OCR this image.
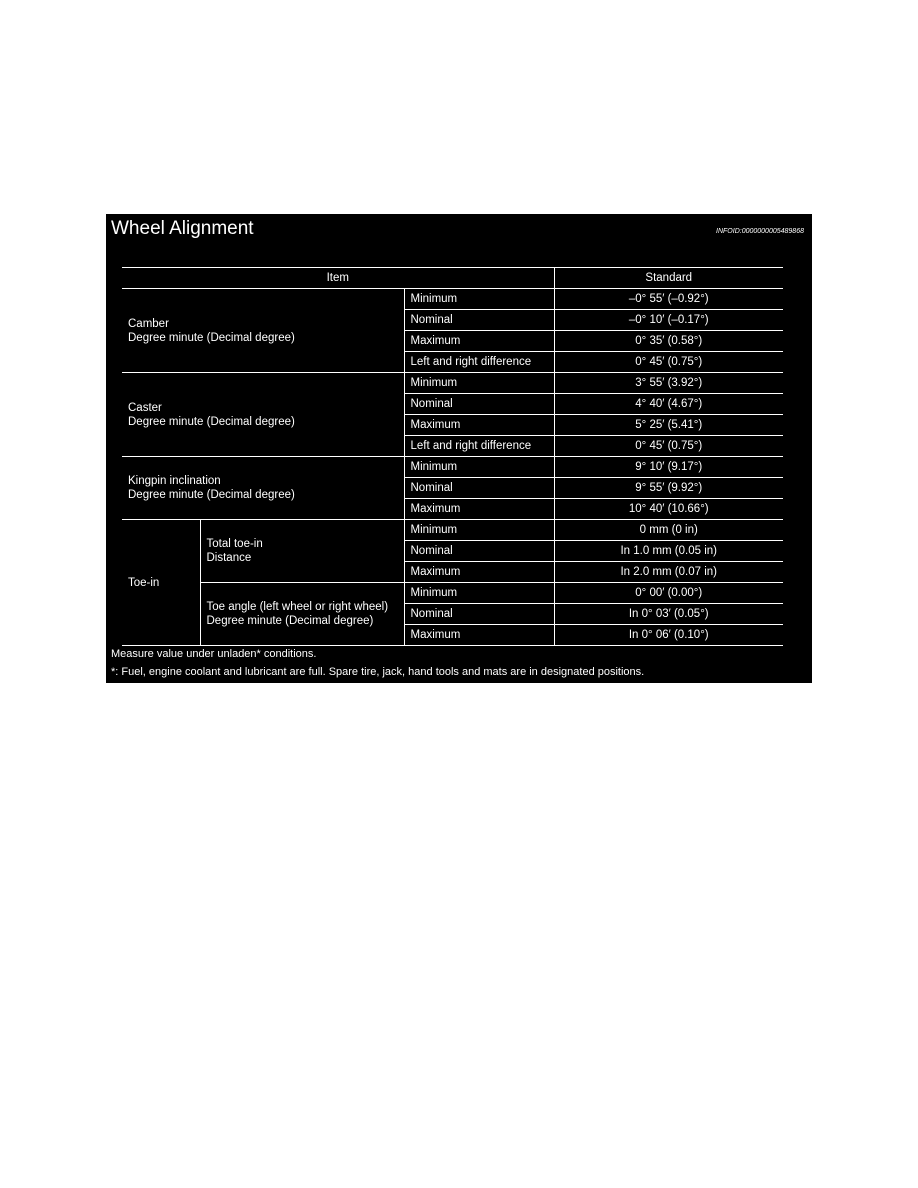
Wheel Alignment	INFOID:0000000005489868
Item			Standard

Camber
Degree minute (Decimal degree)		Minimum	–0° 55′ (–0.92°)
		Nominal	–0° 10′ (–0.17°)
		Maximum	0° 35′ (0.58°)
		Left and right difference	0° 45′ (0.75°)

Caster
Degree minute (Decimal degree)		Minimum	3° 55′ (3.92°)
		Nominal	4° 40′ (4.67°)
		Maximum	5° 25′ (5.41°)
		Left and right difference	0° 45′ (0.75°)

Kingpin inclination
Degree minute (Decimal degree)		Minimum	9° 10′ (9.17°)
		Nominal	9° 55′ (9.92°)
		Maximum	10° 40′ (10.66°)

Toe-in	Total toe-in
Distance	Minimum	0 mm (0 in)
		Nominal	In 1.0 mm (0.05 in)
		Maximum	In 2.0 mm (0.07 in)

	Toe angle (left wheel or right wheel)
Degree minute (Decimal degree)	Minimum	0° 00′ (0.00°)
		Nominal	In 0° 03′ (0.05°)
		Maximum	In 0° 06′ (0.10°)
Measure value under unladen* conditions.
*: Fuel, engine coolant and lubricant are full. Spare tire, jack, hand tools and mats are in designated positions.
